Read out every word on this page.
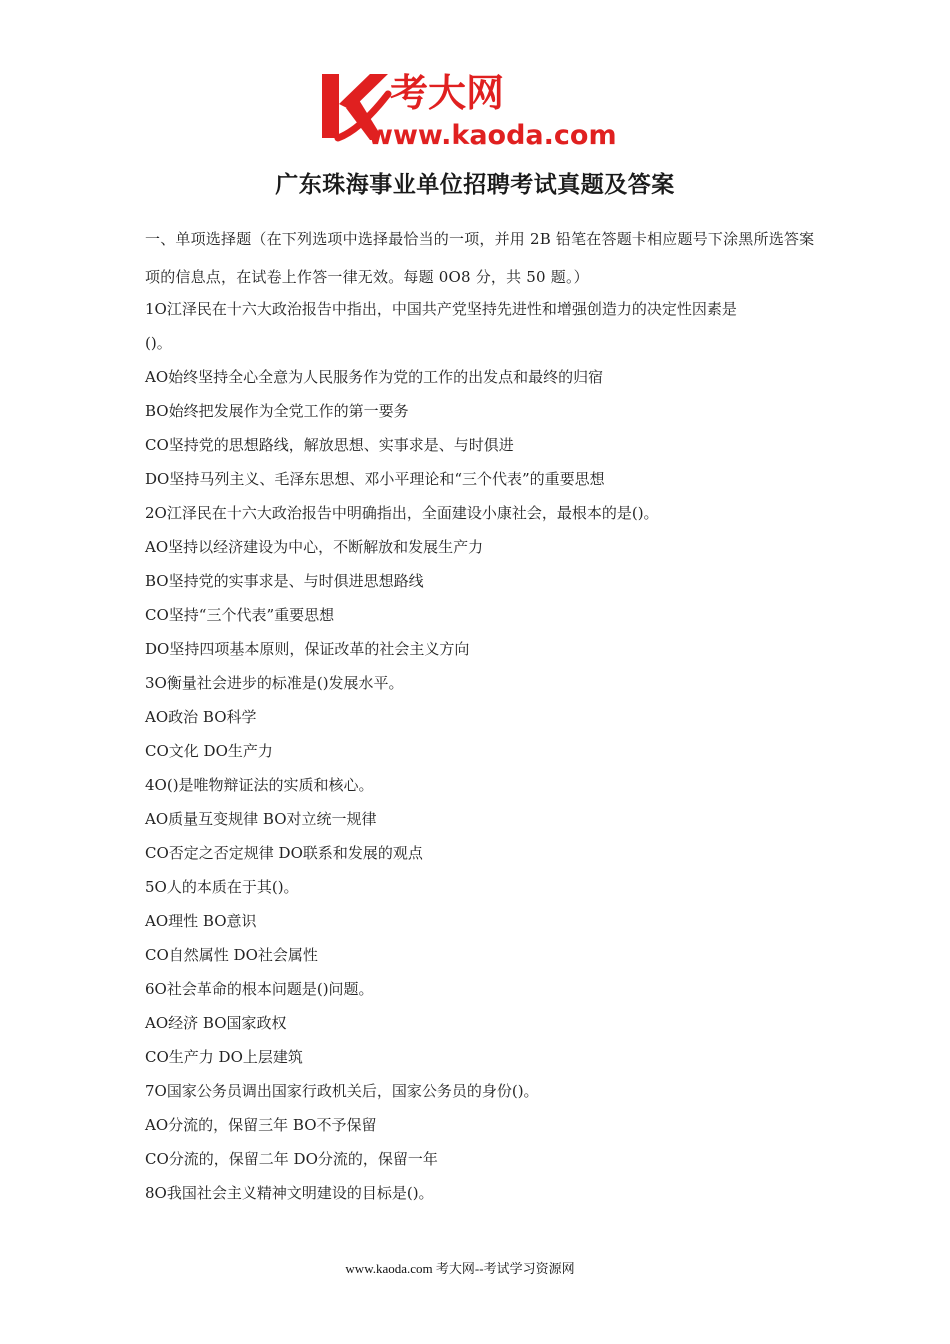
考大网
www.kaoda.com
广东珠海事业单位招聘考试真题及答案
一、单项选择题（在下列选项中选择最恰当的一项，并用 2B 铅笔在答题卡相应题号下涂黑所选答案项的信息点，在试卷上作答一律无效。每题 0O8 分，共 50 题。）
1O江泽民在十六大政治报告中指出，中国共产党坚持先进性和增强创造力的决定性因素是
()。
AO始终坚持全心全意为人民服务作为党的工作的出发点和最终的归宿
BO始终把发展作为全党工作的第一要务
CO坚持党的思想路线，解放思想、实事求是、与时俱进
DO坚持马列主义、毛泽东思想、邓小平理论和“三个代表”的重要思想
2O江泽民在十六大政治报告中明确指出，全面建设小康社会，最根本的是()。
AO坚持以经济建设为中心，不断解放和发展生产力
BO坚持党的实事求是、与时俱进思想路线
CO坚持“三个代表”重要思想
DO坚持四项基本原则，保证改革的社会主义方向
3O衡量社会进步的标准是()发展水平。
AO政治 BO科学
CO文化 DO生产力
4O()是唯物辩证法的实质和核心。
AO质量互变规律 BO对立统一规律
CO否定之否定规律 DO联系和发展的观点
5O人的本质在于其()。
AO理性 BO意识
CO自然属性 DO社会属性
6O社会革命的根本问题是()问题。
AO经济 BO国家政权
CO生产力 DO上层建筑
7O国家公务员调出国家行政机关后，国家公务员的身份()。
AO分流的，保留三年 BO不予保留
CO分流的，保留二年 DO分流的，保留一年
8O我国社会主义精神文明建设的目标是()。
www.kaoda.com 考大网--考试学习资源网
